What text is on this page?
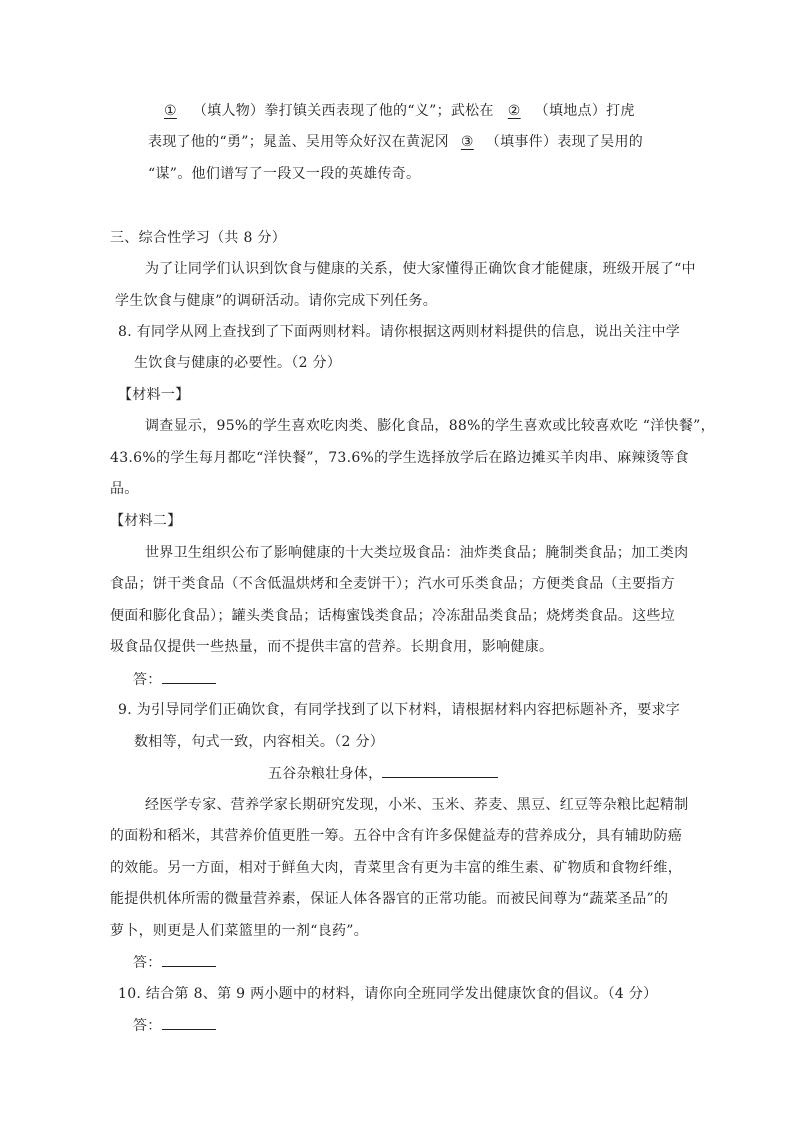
① （填人物）拳打镇关西表现了他的“义”；武松在 ② （填地点）打虎
表现了他的“勇”；晁盖、吴用等众好汉在黄泥冈 ③ （填事件）表现了吴用的
“谋”。他们谱写了一段又一段的英雄传奇。
三、综合性学习（共 8 分）
为了让同学们认识到饮食与健康的关系，使大家懂得正确饮食才能健康，班级开展了“中
学生饮食与健康”的调研活动。请你完成下列任务。
8. 有同学从网上查找到了下面两则材料。请你根据这两则材料提供的信息，说出关注中学
生饮食与健康的必要性。（2 分）
【材料一】
调查显示，95%的学生喜欢吃肉类、膨化食品，88%的学生喜欢或比较喜欢吃 “洋快餐”，
43.6%的学生每月都吃“洋快餐”，73.6%的学生选择放学后在路边摊买羊肉串、麻辣烫等食
品。
【材料二】
世界卫生组织公布了影响健康的十大类垃圾食品：油炸类食品；腌制类食品；加工类肉
食品；饼干类食品（不含低温烘烤和全麦饼干）；汽水可乐类食品；方便类食品（主要指方
便面和膨化食品）；罐头类食品；话梅蜜饯类食品；冷冻甜品类食品；烧烤类食品。这些垃
圾食品仅提供一些热量，而不提供丰富的营养。长期食用，影响健康。
答：
9. 为引导同学们正确饮食，有同学找到了以下材料，请根据材料内容把标题补齐，要求字
数相等，句式一致，内容相关。（2 分）
五谷杂粮壮身体，
经医学专家、营养学家长期研究发现，小米、玉米、荞麦、黑豆、红豆等杂粮比起精制
的面粉和稻米，其营养价值更胜一筹。五谷中含有许多保健益寿的营养成分，具有辅助防癌
的效能。另一方面，相对于鲜鱼大肉，青菜里含有更为丰富的维生素、矿物质和食物纤维，
能提供机体所需的微量营养素，保证人体各器官的正常功能。而被民间尊为“蔬菜圣品”的
萝卜，则更是人们菜篮里的一剂“良药”。
答：
10. 结合第 8、第 9 两小题中的材料，请你向全班同学发出健康饮食的倡议。（4 分）
答：
